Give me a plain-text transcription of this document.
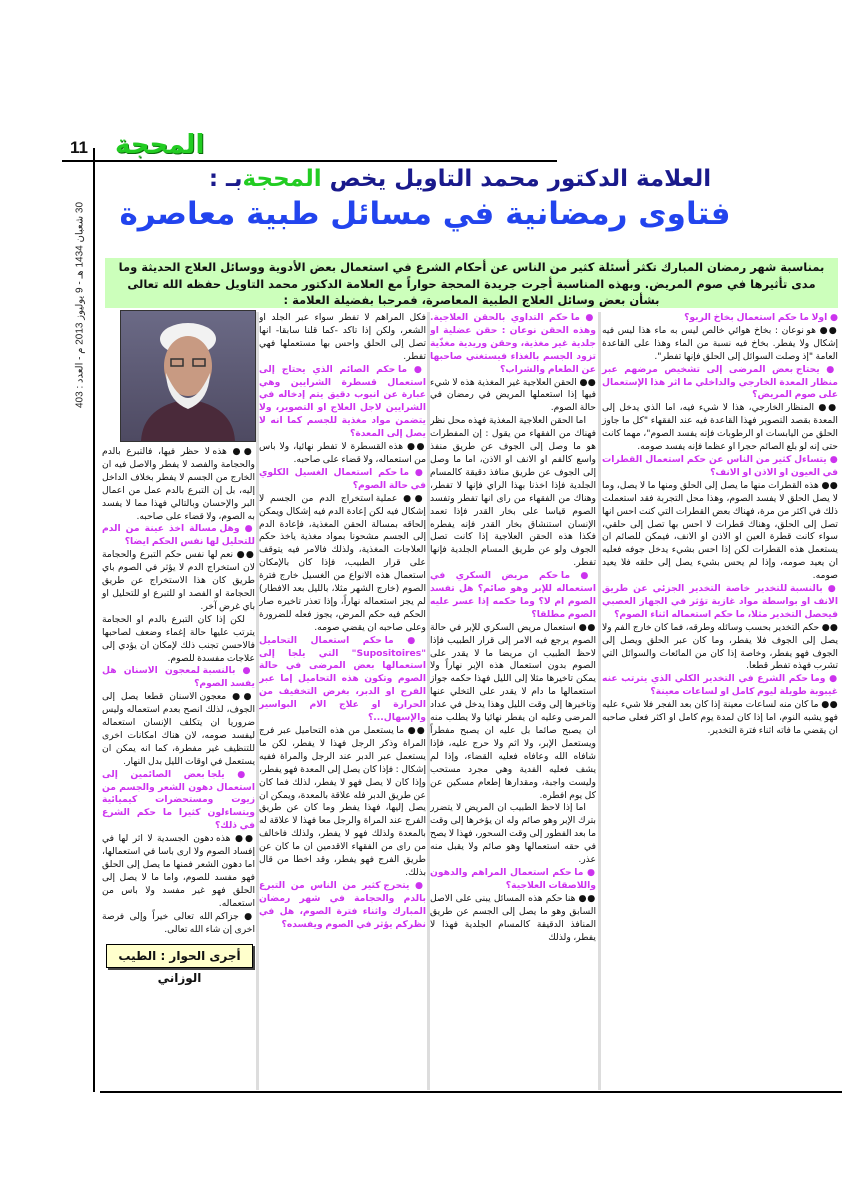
11 المحجة
30 شعبان 1434 هـ - 9 يوليوز 2013 م - العدد : 403
العلامة الدكتور محمد التاويل يخص المحجةبـ :
فتاوى رمضانية في مسائل طبية معاصرة
بمناسبة شهر رمضان المبارك تكثر أسئلة كثير من الناس عن أحكام الشرع في استعمال بعض الأدوية ووسائل العلاج الحديثة وما مدى تأثيرها في صوم المريض. وبهذه المناسبة أجرت جريدة المحجة حواراً مع العلامة الدكتور محمد التاويل حفظه الله تعالى بشأن بعض وسائل العلاج الطبية المعاصرة، فمرحبا بفضيلة العلامة :

● اولا ما حكم استعمال بخاخ الربو؟

●● هو نوعان : بخاخ هوائي خالص ليس به ماء هذا ليس فيه إشكال ولا يفطر. بخاخ فيه نسبة من الماء وهذا على القاعدة العامة "إذ وصلت السوائل إلى الحلق فإنها تفطر".

● يحتاج بعض المرضى إلى تشخيص مرضهم عبر منظار المعدة الخارجي والداخلي ما اثر هذا الإستعمال على صوم المريض؟

●● المنظار الخارجي، هذا لا شيء فيه، اما الذي يدخل إلى المعدة بقصد التصوير فهذا القاعدة فيه عند الفقهاء "كل ما جاوز الحلق من اليابسات او الرطوبات فإنه يفسد الصوم"، مهما كانت حتى إنه لو بلع الصائم حجرا او عظما فإنه يفسد صومه.

● يتساءل كثير من الناس عن حكم استعمال القطرات في العيون او الاذن او الانف؟

●● هذه القطرات منها ما يصل إلى الحلق ومنها ما لا يصل، وما لا يصل الحلق لا يفسد الصوم، وهذا محل التجربة فقد استعملت ذلك في اكثر من مرة، فهناك بعض القطرات التي كنت احس انها تصل إلى الحلق، وهناك قطرات لا احس بها تصل إلى حلقي، سواء كانت قطرة العين او الاذن او الانف، فيمكن للصائم ان يستعمل هذه القطرات لكن إذا احس بشيء يدخل جوفه فعليه ان يعيد صومه، وإذا لم يحس بشيء يصل إلى حلقه فلا يعيد صومه.

● بالنسبة للتخدير خاصة التخدير الجزئي عن طريق الانف او بواسطة مواد غازية تؤثر في الجهاز العصبي فيحصل التخدير مثلا، ما حكم استعماله اثناء الصوم؟

●● حكم التخدير بحسب وسائله وطرقه، فما كان خارج الفم ولا يصل إلى الجوف فلا يفطر، وما كان عبر الحلق ويصل إلى الجوف فهو يفطر، وخاصة إذا كان من المائعات والسوائل التي تشرب فهذه تفطر قطعا.

● وما حكم الشرع في التخدير الكلي الذي يترتب عنه غيبوبة طويلة ليوم كامل او لساعات معينة؟

●● ما كان منه لساعات معينة إذا كان بعد الفجر فلا شيء عليه فهو يشبه النوم، اما إذا كان لمدة يوم كامل او اكثر فعلى صاحبه ان يقضي ما فاته اثناء فترة التخدير.

● ما حكم التداوي بالحقن العلاجية. وهذه الحقن نوعان : حقن عضلية او جلدية غير مغذية، وحقن وريدية مغذّية تزود الجسم بالغذاء فيستغني صاحبها عن الطعام والشراب؟

●● الحقن العلاجية غير المغذية هذه لا شيء فيها إذا استعملها المريض في رمضان في حالة الصوم.

اما الحقن العلاجية المغذية فهذه محل نظر فهناك من الفقهاء من يقول : إن المفطرات هو ما وصل إلى الجوف عن طريق منفذ واسع كالفم او الانف او الاذن، اما ما وصل إلى الجوف عن طريق منافذ دقيقة كالمسام الجلدية فإذا اخذنا بهذا الراي فإنها لا تفطر، وهناك من الفقهاء من راى انها تفطر وتفسد الصوم قياسا على بخار القدر فإذا تعمد الإنسان استنشاق بخار القدر فإنه يفطره فكذا هذه الحقن العلاجية إذا كانت تصل الجوف ولو عن طريق المسام الجلدية فإنها تفطر.

● ما حكم مريض السكري في استعماله للإبر وهو صائم؟ هل تفسد الصوم ام لا؟ وما حكمه إذا عسر عليه الصوم مطلقا؟

●● استعمال مريض السكري للإبر في حالة الصوم يرجع فيه الامر إلى قرار الطبيب فإذا لاحظ الطبيب ان مريضا ما لا يقدر على الصوم بدون استعمال هذه الإبر نهاراً ولا يمكن تاخيرها مثلا إلى الليل فهذا حكمه جواز استعمالها ما دام لا يقدر على التخلي عنها وتاخيرها إلى وقت الليل وهذا يدخل في عداد المرضى وعليه ان يفطر نهائيا ولا يطلب منه ان يصبح صائما بل عليه ان يصبح مفطراً ويستعمل الإبر، ولا اثم ولا حرج عليه، فإذا شافاه الله وعافاه فعليه القضاء، وإذا لم يشف فعليه الفدية وهي مجرد مستحب وليست واجبة، ومقدارها إطعام مسكين عن كل يوم افطره.

اما إذا لاحظ الطبيب ان المريض لا يتضرر بترك الإبر وهو صائم وله ان يؤخرها إلى وقت ما بعد الفطور إلى وقت السحور، فهذا لا يصح في حقه استعمالها وهو صائم ولا يقبل منه عذر.

● ما حكم استعمال المراهم والدهون واللاصقات العلاجية؟

●● هنا حكم هذه المسائل يبنى على الاصل السابق وهو ما يصل إلى الجسم عن طريق المنافذ الدقيقة كالمسام الجلدية فهذا لا يفطر، ولذلك

فكل المراهم لا تفطر سواء عبر الجلد او الشعر، ولكن إذا تاكد -كما قلنا سابقا- انها تصل إلى الحلق واحس بها مستعملها فهي تفطر.

● ما حكم الصائم الذي يحتاج إلى استعمال قسطرة الشرايين وهي عبارة عن انبوب دقيق يتم إدخاله في الشرايين لاجل العلاج او التصوير، ولا يتضمن مواد مغذية للجسم كما انه لا يصل إلى المعدة؟

●● هذه القسطرة لا تفطر نهائيا، ولا باس من استعماله، ولا قضاء على صاحبه.

● ما حكم استعمال الغسيل الكلوي في حالة الصوم؟

●● عملية استخراج الدم من الجسم لا إشكال فيه لكن إعادة الدم فيه إشكال ويمكن إلحاقه بمسالة الحقن المغذية، فإعادة الدم إلى الجسم مشحونا بمواد مغذية ياخذ حكم العلاجات المغذية، ولذلك فالامر فيه يتوقف على قرار الطبيب، فإذا كان بالإمكان استعمال هذه الانواع من الغسيل خارج فترة الصوم (خارج الشهر مثلا، بالليل بعد الافطار) لم يجز استعماله نهاراً، وإذا تعذر تاخيره صار الحكم فيه حكم المرض، يجوز فعله للضرورة وعلى صاحبه ان يقضي صومه.

● ما حكم استعمال التحاميل "Supositoires" التي يلجا إلى استعمالها بعض المرضى في حالة الصوم وتكون هذه التحاميل إما عبر الفرج او الدبر، بغرض التخفيف من الحرارة او علاج الام البواسير والإسهال...؟

●● ما يستعمل من هذه التحاميل عبر فرج المراة وذكر الرجل فهذا لا يفطر، لكن ما يستعمل عبر الدبر عند الرجل والمراة ففيه إشكال : فإذا كان يصل إلى المعدة فهو يفطر، وإذا كان لا يصل فهو لا يفطر، لذلك فما كان عن طريق الدبر فله علاقة بالمعدة، ويمكن ان يصل إليها، فهذا يفطر وما كان عن طريق الفرج عند المراة والرجل معا فهذا لا علاقة له بالمعدة ولذلك فهو لا يفطر، ولذلك فاخالف من راى من الفقهاء الاقدمين ان ما كان عن طريق الفرج فهو يفطر، وقد اخطا من قال بذلك.

● يتحرج كثير من الناس من التبرع بالدم والحجامة في شهر رمضان المبارك واثناء فترة الصوم، هل في نظركم يؤثر في الصوم ويفسده؟

●● هذه لا حظر فيها، فالتبرع بالدم والحجامة والفصد لا يفطر والاصل فيه ان الخارج من الجسم لا يفطر بخلاف الداخل إليه، بل إن التبرع بالدم عمل من اعمال البر والإحسان وبالتالي فهذا مما لا يفسد به الصوم، ولا قضاء على صاحبه.

● وهل مسالة اخذ عينة من الدم للتحليل لها نفس الحكم ايضا؟

●● نعم لها نفس حكم التبرع والحجامة لان استخراج الدم لا يؤثر في الصوم باي طريق كان هذا الاستخراج عن طريق الحجامة او الفصد او للتبرع او للتحليل او باي غرض آخر.

لكن إذا كان التبرع بالدم او الحجامة يترتب عليها حالة إغماء وضعف لصاحبها فالاحسن تجنب ذلك لإمكان ان يؤدي إلى علاجات مفسدة للصوم.

● بالنسبة لمعجون الاسنان هل يفسد الصوم؟

●● معجون الاسنان قطعا يصل إلى الجوف، لذلك انصح بعدم استعماله وليس ضروريا ان يتكلف الإنسان استعماله ليفسد صومه، لان هناك امكانات اخرى للتنظيف غير مفطرة، كما انه يمكن ان يستعمل في اوقات الليل بدل النهار.

● يلجا بعض الصائمين إلى استعمال دهون الشعر والجسم من زيوت ومستحضرات كيميائية ويتساءلون كثيرا ما حكم الشرع في ذلك؟

●● هذه دهون الجسدية لا اثر لها في إفساد الصوم ولا ارى باسا في استعمالها، اما دهون الشعر فمنها ما يصل إلى الحلق فهو مفسد للصوم، واما ما لا يصل إلى الحلق فهو غير مفسد ولا باس من استعماله.

● جزاكم الله تعالى خيراً وإلى فرصة اخرى إن شاء الله تعالى.

أجرى الحوار : الطيب الوزاني
